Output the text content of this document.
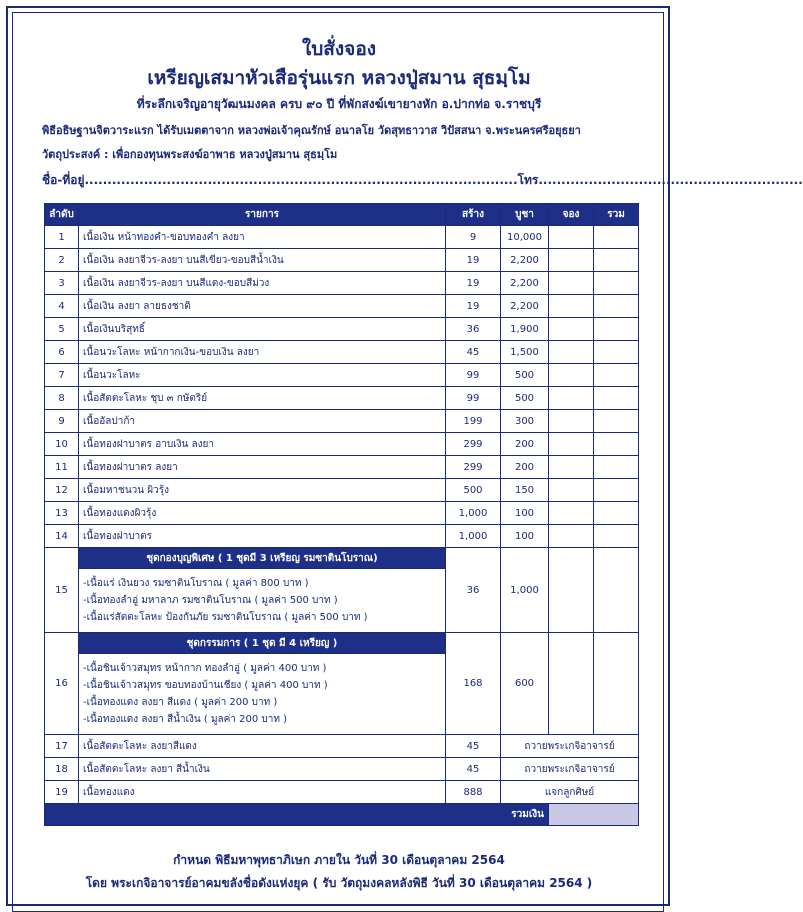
ใบสั่งจอง
เหรียญเสมาหัวเสือรุ่นแรก หลวงปู่สมาน สุธมฺโม
ที่ระลึกเจริญอายุวัฒนมงคล ครบ ๙๐ ปี ที่พักสงฆ์เขายางหัก อ.ปากท่อ จ.ราชบุรี
พิธีอธิษฐานจิตวาระแรก ได้รับเมตตาจาก หลวงพ่อเจ้าคุณรักษ์ อนาลโย วัดสุทธาวาส วิปัสสนา จ.พระนครศรีอยุธยา
วัตถุประสงค์ : เพื่อกองทุนพระสงฆ์อาพาธ หลวงปู่สมาน สุธมฺโม
ชื่อ-ที่อยู่...............................................................................................โทร..........................................................
ลำดับ	รายการ	สร้าง	บูชา	จอง	รวม
1	เนื้อเงิน หน้าทองคำ-ขอบทองคำ ลงยา	9	10,000		
2	เนื้อเงิน ลงยาจีวร-ลงยา บนสีเขียว-ขอบสีน้ำเงิน	19	2,200		
3	เนื้อเงิน ลงยาจีวร-ลงยา บนสีแดง-ขอบสีม่วง	19	2,200		
4	เนื้อเงิน ลงยา ลายธงชาติ	19	2,200		
5	เนื้อเงินบริสุทธิ์	36	1,900		
6	เนื้อนวะโลหะ หน้ากากเงิน-ขอบเงิน ลงยา	45	1,500		
7	เนื้อนวะโลหะ	99	500		
8	เนื้อสัตตะโลหะ ชุบ ๓ กษัตริย์	99	500		
9	เนื้ออัลปาก้า	199	300		
10	เนื้อทองฝาบาตร อาบเงิน ลงยา	299	200		
11	เนื้อทองฝาบาตร ลงยา	299	200		
12	เนื้อมหาชนวน ผิวรุ้ง	500	150		
13	เนื้อทองแดงผิวรุ้ง	1,000	100		
14	เนื้อทองฝาบาตร	1,000	100		
15	ชุดกองบุญพิเศษ ( 1 ชุดมี 3 เหรียญ รมซาตินโบราณ)	36	1,000		

	-เนื้อแร่ เงินยวง รมซาตินโบราณ ( มูลค่า 800 บาท )
-เนื้อทองลำอู่ มหาลาภ รมซาตินโบราณ ( มูลค่า 500 บาท )
-เนื้อแร่สัตตะโลหะ ป้องกันภัย รมซาตินโบราณ ( มูลค่า 500 บาท )				

16	ชุดกรรมการ ( 1 ชุด มี 4 เหรียญ )	168	600		

	-เนื้อชินเจ้าวสมุทร หน้ากาก ทองลำอู่ ( มูลค่า 400 บาท )
-เนื้อชินเจ้าวสมุทร ขอบทองบ้านเชียง ( มูลค่า 400 บาท )
-เนื้อทองแดง ลงยา สีแดง ( มูลค่า 200 บาท )
-เนื้อทองแดง ลงยา สีน้ำเงิน ( มูลค่า 200 บาท )				

17	เนื้อสัตตะโลหะ ลงยาสีแดง	45	ถวายพระเกจิอาจารย์		
18	เนื้อสัตตะโลหะ ลงยา สีน้ำเงิน	45	ถวายพระเกจิอาจารย์		
19	เนื้อทองแดง	888	แจกลูกศิษย์		
รวมเงิน					
กำหนด พิธีมหาพุทธาภิเษก ภายใน วันที่ 30 เดือนตุลาคม 2564
โดย พระเกจิอาจารย์อาคมขลังชื่อดังแห่งยุค ( รับ วัตถุมงคลหลังพิธี วันที่ 30 เดือนตุลาคม 2564 )
